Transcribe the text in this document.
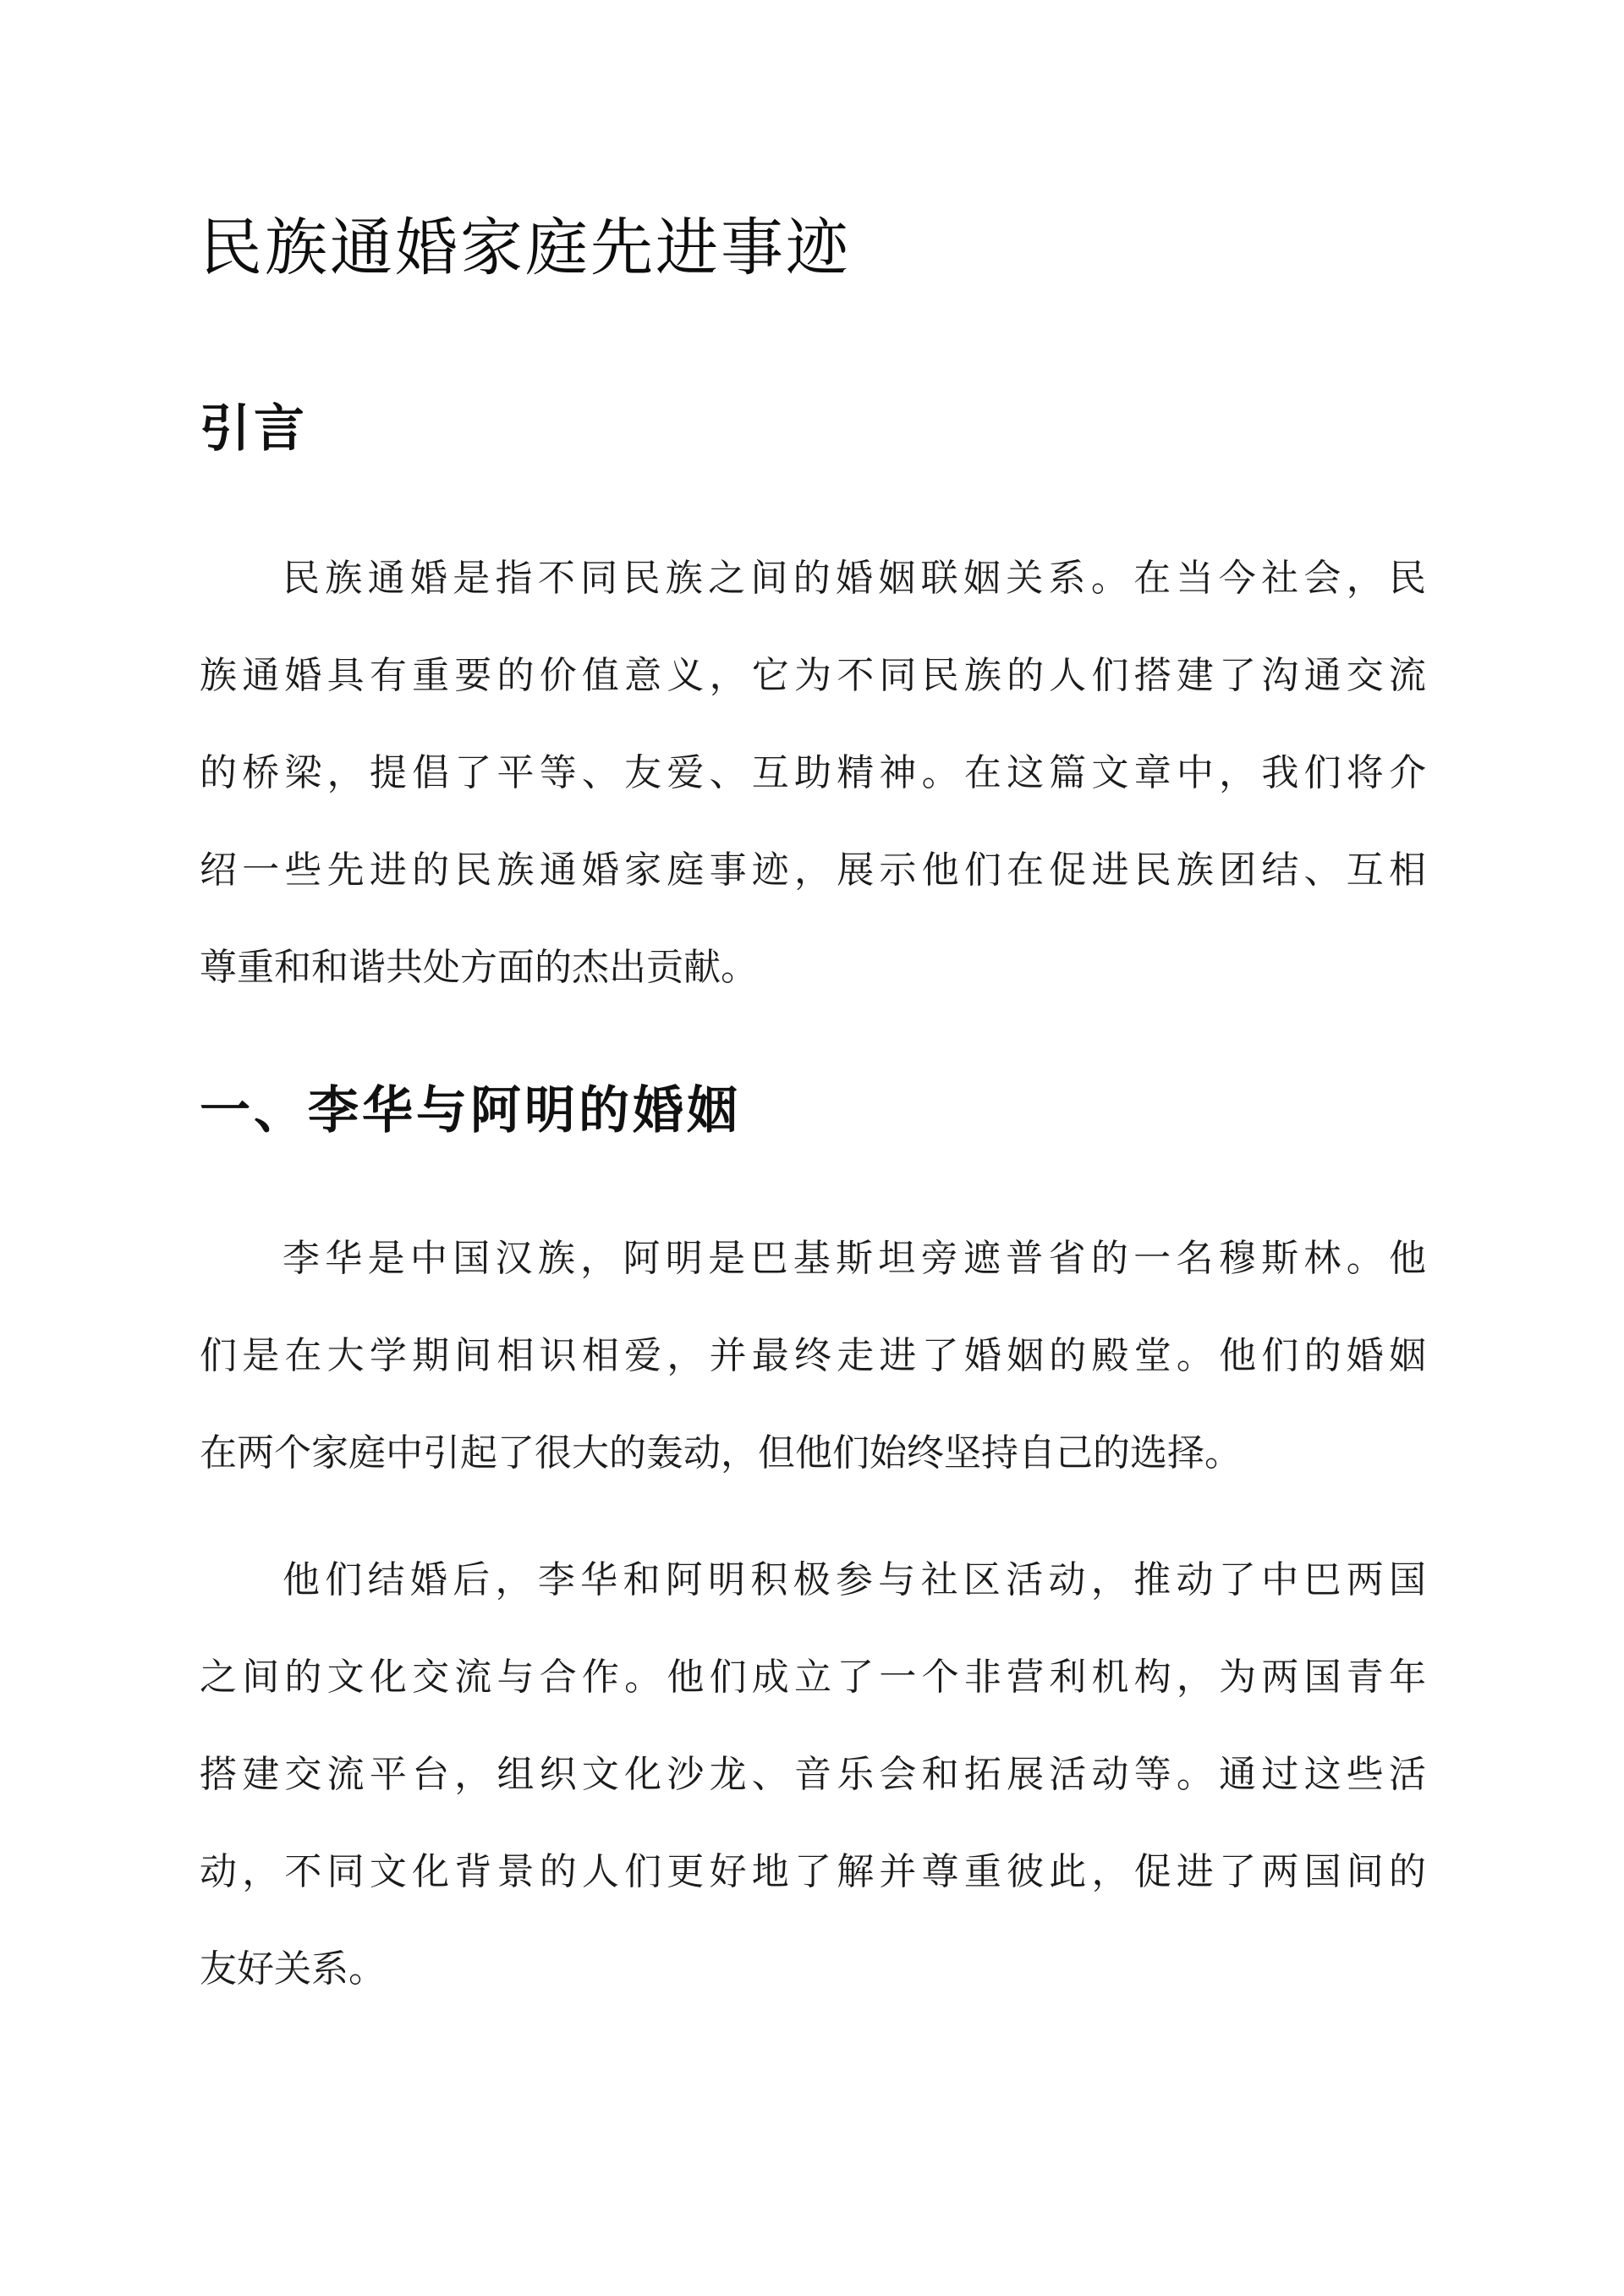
民族通婚家庭先进事迹
引言
民族通婚是指不同民族之间的婚姻联姻关系。在当今社会，民
族通婚具有重要的价值意义，它为不同民族的人们搭建了沟通交流
的桥梁，提倡了平等、友爱、互助精神。在这篇文章中，我们将介
绍一些先进的民族通婚家庭事迹，展示他们在促进民族团结、互相
尊重和和谐共处方面的杰出贡献。
一、李华与阿明的婚姻
李华是中国汉族，阿明是巴基斯坦旁遮普省的一名穆斯林。他
们是在大学期间相识相爱，并最终走进了婚姻的殿堂。他们的婚姻
在两个家庭中引起了很大的轰动，但他们始终坚持自己的选择。
他们结婚后，李华和阿明积极参与社区活动，推动了中巴两国
之间的文化交流与合作。他们成立了一个非营利机构，为两国青年
搭建交流平台，组织文化沙龙、音乐会和拓展活动等。通过这些活
动，不同文化背景的人们更好地了解并尊重彼此，促进了两国间的
友好关系。
